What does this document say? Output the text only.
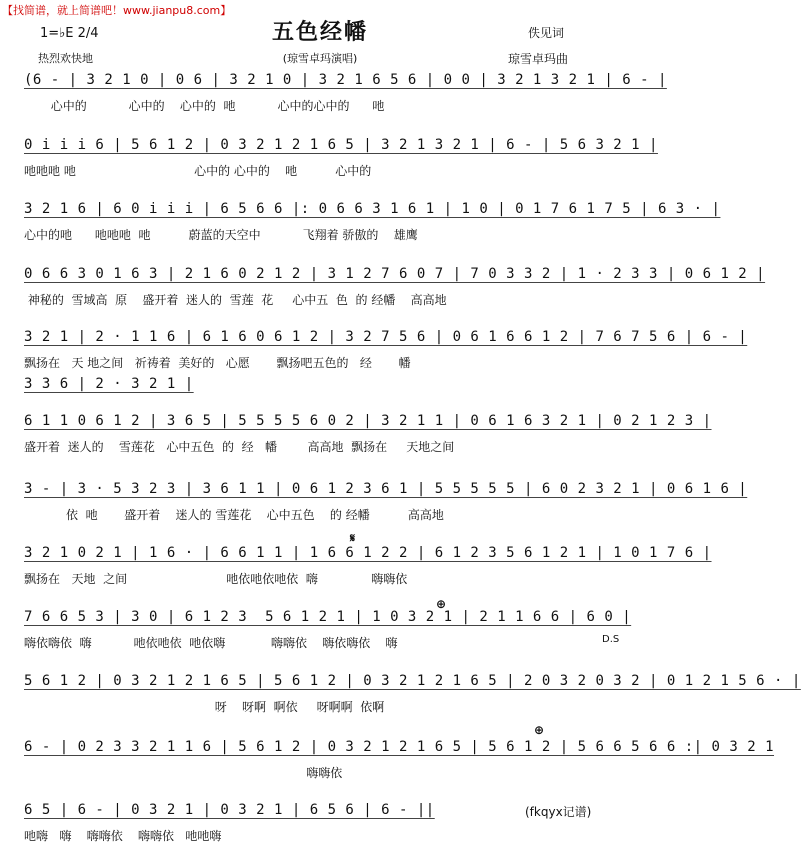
【找简谱，就上简谱吧！www.jianpu8.com】
1=♭E 2/4	五色经幡	佚见词
热烈欢快地	(琼雪卓玛演唱)	琼雪卓玛曲
(6 - | 3 2 1 0 | 0 6 | 3 2 1 0 | 3 2 1 6 5 6 | 0 0 | 3 2 1 3 2 1 | 6 - |
心中的           心中的    心中的  吔           心中的心中的      吔
0 i i i 6 | 5 6 1 2 | 0 3 2 1 2 1 6 5 | 3 2 1 3 2 1 | 6 - | 5 6 3 2 1 |
吔吔吔 吔                               心中的 心中的    吔          心中的
3 2 1 6 | 6 0 i i i | 6 5 6 6 |: 0 6 6 3 1 6 1 | 1 0 | 0 1 7 6 1 7 5 | 6 3 · |
心中的吔      吔吔吔  吔          蔚蓝的天空中           飞翔着 骄傲的    雄鹰
0 6 6 3 0 1 6 3 | 2 1 6 0 2 1 2 | 3 1 2 7 6 0 7 | 7 0 3 3 2 | 1 · 2 3 3 | 0 6 1 2 |
神秘的  雪域高  原    盛开着  迷人的  雪莲  花     心中五  色  的 经幡    高高地
3 2 1 | 2 · 1 1 6 | 6 1 6 0 6 1 2 | 3 2 7 5 6 | 0 6 1 6 6 1 2 | 7 6 7 5 6 | 6 - |
飘扬在   天 地之间   祈祷着  美好的   心愿       飘扬吧五色的   经       幡
3 3 6 | 2 · 3 2 1 |
6 1 1 0 6 1 2 | 3 6 5 | 5 5 5 5 6 0 2 | 3 2 1 1 | 0 6 1 6 3 2 1 | 0 2 1 2 3 |
盛开着  迷人的    雪莲花   心中五色  的  经   幡        高高地  飘扬在     天地之间
3 - | 3 · 5 3 2 3 | 3 6 1 1 | 0 6 1 2 3 6 1 | 5 5 5 5 5 | 6 0 2 3 2 1 | 0 6 1 6 |
依  吔       盛开着    迷人的 雪莲花    心中五色    的 经幡          高高地
3 2 1 0 2 1 | 1 6 · | 6 6 1 1 | 1 6 6 1 2 2 | 6 1 2 3 5 6 1 2 1 | 1 0 1 7 6 |
飘扬在   天地  之间                          吔依吔依吔依  嗨              嗨嗨依
7 6 6 5 3 | 3 0 | 6 1 2 3  5 6 1 2 1 | 1 0 3 2 1 | 2 1 1 6 6 | 6 0 |
嗨依嗨依  嗨           吔依吔依  吔依嗨            嗨嗨依    嗨依嗨依    嗨
5 6 1 2 | 0 3 2 1 2 1 6 5 | 5 6 1 2 | 0 3 2 1 2 1 6 5 | 2 0 3 2 0 3 2 | 0 1 2 1 5 6 · |
呀    呀啊  啊依     呀啊啊  依啊
6 - | 0 2 3 3 2 1 1 6 | 5 6 1 2 | 0 3 2 1 2 1 6 5 | 5 6 1 2 | 5 6 6 5 6 6 :| 0 3 2 1
嗨嗨依
6 5 | 6 - | 0 3 2 1 | 0 3 2 1 | 6 5 6 | 6 - ||
吔嗨   嗨    嗨嗨依    嗨嗨依   吔吔嗨
𝄋
⊕
⊕
D.S
(fkqyx记谱)
